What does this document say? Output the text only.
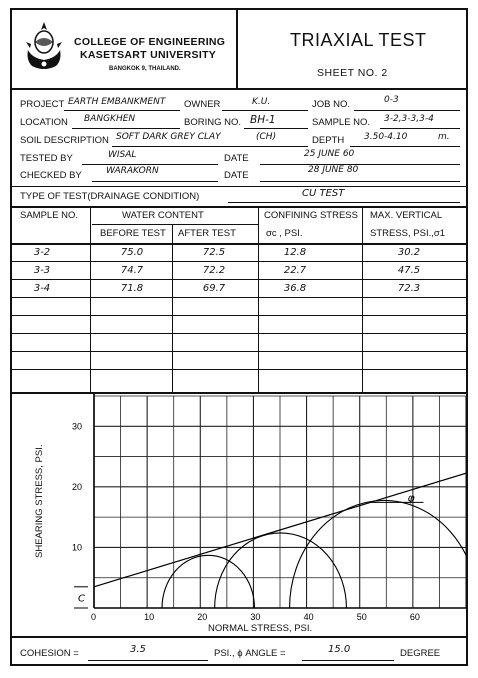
COLLEGE OF ENGINEERING
KASETSART UNIVERSITY
BANGKOK 9, THAILAND.
TRIAXIAL TEST
SHEET NO. 2
PROJECT EARTH EMBANKMENT OWNER	K.U.	JOB NO.	0-3
LOCATION BANGKHEN	BORING NO. BH-1	SAMPLE NO. 3-2,3-3,3-4
SOIL DESCRIPTION SOFT DARK GREY CLAY	(CH)	DEPTH 3.50-4.10	m.
TESTED BY	WISAL	DATE	25 JUNE 60
CHECKED BY	WARAKORN	DATE	28 JUNE 80
TYPE OF TEST(DRAINAGE CONDITION)	CU TEST
SAMPLE NO.	WATER CONTENT
BEFORE TEST AFTER TEST
CONFINING STRESS
σc , PSI.
MAX. VERTICAL
STRESS, PSI.,σ1
3-2	75.0	72.5	12.8	30.2
3-3	74.7	72.2	22.7	47.5
3-4	71.8	69.7	36.8	72.3
0	10	20	30	40	50	60
10
20
30
C
φ
SHEARING STRESS, PSI.
NORMAL STRESS, PSI.
COHESION =	3.5	PSI., ϕ ANGLE =	15.0	DEGREE
